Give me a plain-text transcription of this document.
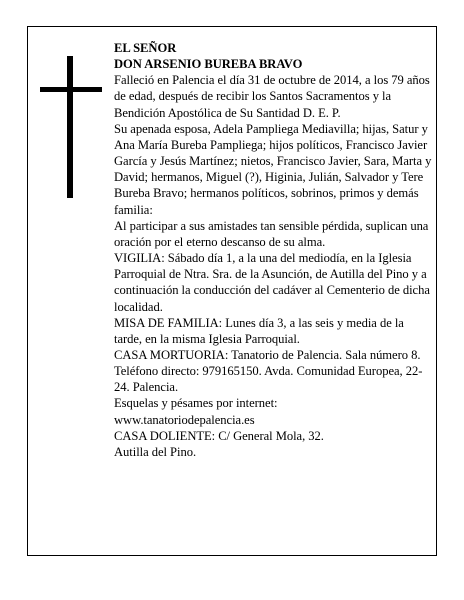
EL SEÑOR

DON ARSENIO BUREBA BRAVO

Falleció en Palencia el día 31 de octubre de 2014, a los 79 años de edad, después de recibir los Santos Sacramentos y la Bendición Apostólica de Su Santidad D. E. P.

Su apenada esposa, Adela Pampliega Mediavilla; hijas, Satur y Ana María Bureba Pampliega; hijos políticos, Francisco Javier García y Jesús Martínez; nietos, Francisco Javier, Sara, Marta y David; hermanos, Miguel (?), Higinia, Julián, Salvador y Tere Bureba Bravo; hermanos políticos, sobrinos, primos y demás familia:

Al participar a sus amistades tan sensible pérdida, suplican una oración por el eterno descanso de su alma.

VIGILIA: Sábado día 1, a la una del mediodía, en la Iglesia Parroquial de Ntra. Sra. de la Asunción, de Autilla del Pino y a continuación la conducción del cadáver al Cementerio de dicha localidad.

MISA DE FAMILIA: Lunes día 3, a las seis y media de la tarde, en la misma Iglesia Parroquial.

CASA MORTUORIA: Tanatorio de Palencia. Sala número 8. Teléfono directo: 979165150. Avda. Comunidad Europea, 22-24. Palencia.

Esquelas y pésames por internet:

www.tanatoriodepalencia.es

CASA DOLIENTE: C/ General Mola, 32.

Autilla del Pino.
